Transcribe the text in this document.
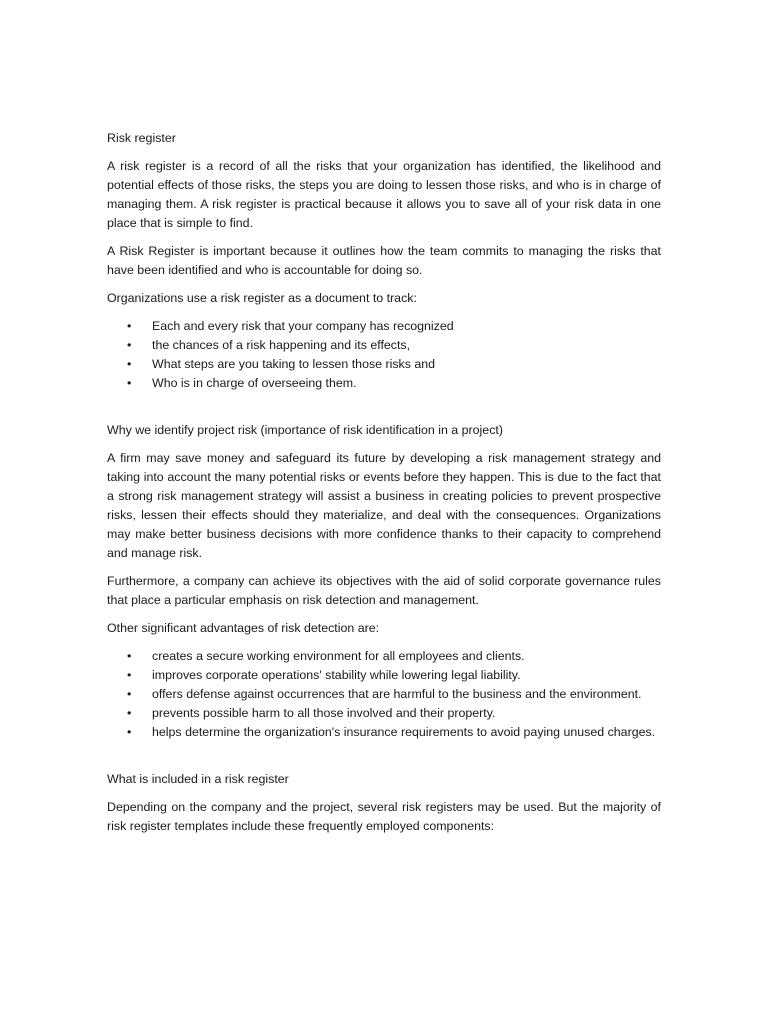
Risk register

A risk register is a record of all the risks that your organization has identified, the likelihood and potential effects of those risks, the steps you are doing to lessen those risks, and who is in charge of managing them. A risk register is practical because it allows you to save all of your risk data in one place that is simple to find.

A Risk Register is important because it outlines how the team commits to managing the risks that have been identified and who is accountable for doing so.

Organizations use a risk register as a document to track:

• Each and every risk that your company has recognized
• the chances of a risk happening and its effects,
• What steps are you taking to lessen those risks and
• Who is in charge of overseeing them.
Why we identify project risk (importance of risk identification in a project)

A firm may save money and safeguard its future by developing a risk management strategy and taking into account the many potential risks or events before they happen. This is due to the fact that a strong risk management strategy will assist a business in creating policies to prevent prospective risks, lessen their effects should they materialize, and deal with the consequences. Organizations may make better business decisions with more confidence thanks to their capacity to comprehend and manage risk.

Furthermore, a company can achieve its objectives with the aid of solid corporate governance rules that place a particular emphasis on risk detection and management.

Other significant advantages of risk detection are:

• creates a secure working environment for all employees and clients.
• improves corporate operations' stability while lowering legal liability.
• offers defense against occurrences that are harmful to the business and the environment.
• prevents possible harm to all those involved and their property.
• helps determine the organization's insurance requirements to avoid paying unused charges.
What is included in a risk register

Depending on the company and the project, several risk registers may be used. But the majority of risk register templates include these frequently employed components:
